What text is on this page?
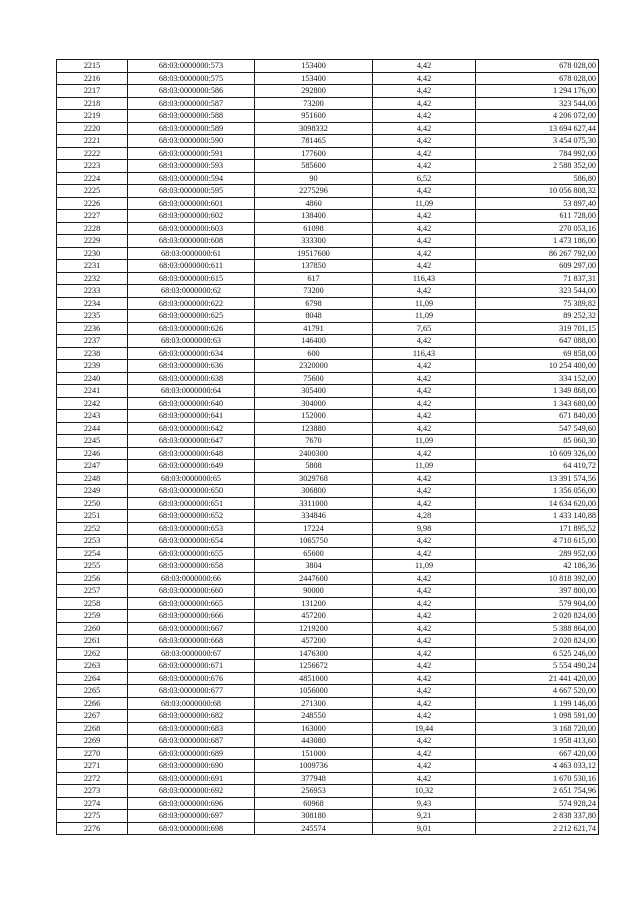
2215	68:03:0000000:573	153400	4,42	678 028,00
2216	68:03:0000000:575	153400	4,42	678 028,00
2217	68:03:0000000:586	292800	4,42	1 294 176,00
2218	68:03:0000000:587	73200	4,42	323 544,00
2219	68:03:0000000:588	951600	4,42	4 206 072,00
2220	68:03:0000000:589	3098332	4,42	13 694 627,44
2221	68:03:0000000:590	781465	4,42	3 454 075,30
2222	68:03:0000000:591	177600	4,42	784 992,00
2223	68:03:0000000:593	585600	4,42	2 588 352,00
2224	68:03:0000000:594	90	6,52	586,80
2225	68:03:0000000:595	2275296	4,42	10 056 808,32
2226	68:03:0000000:601	4860	11,09	53 897,40
2227	68:03:0000000:602	138400	4,42	611 728,00
2228	68:03:0000000:603	61098	4,42	270 053,16
2229	68:03:0000000:608	333300	4,42	1 473 186,00
2230	68:03:0000000:61	19517600	4,42	86 267 792,00
2231	68:03:0000000:611	137850	4,42	609 297,00
2232	68:03:0000000:615	617	116,43	71 837,31
2233	68:03:0000000:62	73200	4,42	323 544,00
2234	68:03:0000000:622	6798	11,09	75 389,82
2235	68:03:0000000:625	8048	11,09	89 252,32
2236	68:03:0000000:626	41791	7,65	319 701,15
2237	68:03:0000000:63	146400	4,42	647 088,00
2238	68:03:0000000:634	600	116,43	69 858,00
2239	68:03:0000000:636	2320000	4,42	10 254 400,00
2240	68:03:0000000:638	75600	4,42	334 152,00
2241	68:03:0000000:64	305400	4,42	1 349 868,00
2242	68:03:0000000:640	304000	4,42	1 343 680,00
2243	68:03:0000000:641	152000	4,42	671 840,00
2244	68:03:0000000:642	123880	4,42	547 549,60
2245	68:03:0000000:647	7670	11,09	85 060,30
2246	68:03:0000000:648	2400300	4,42	10 609 326,00
2247	68:03:0000000:649	5808	11,09	64 410,72
2248	68:03:0000000:65	3029768	4,42	13 391 574,56
2249	68:03:0000000:650	306800	4,42	1 356 056,00
2250	68:03:0000000:651	3311000	4,42	14 634 620,00
2251	68:03:0000000:652	334846	4,28	1 433 140,88
2252	68:03:0000000:653	17224	9,98	171 895,52
2253	68:03:0000000:654	1065750	4,42	4 710 615,00
2254	68:03:0000000:655	65600	4,42	289 952,00
2255	68:03:0000000:658	3804	11,09	42 186,36
2256	68:03:0000000:66	2447600	4,42	10 818 392,00
2257	68:03:0000000:660	90000	4,42	397 800,00
2258	68:03:0000000:665	131200	4,42	579 904,00
2259	68:03:0000000:666	457200	4,42	2 020 824,00
2260	68:03:0000000:667	1219200	4,42	5 388 864,00
2261	68:03:0000000:668	457200	4,42	2 020 824,00
2262	68:03:0000000:67	1476300	4,42	6 525 246,00
2263	68:03:0000000:671	1256672	4,42	5 554 490,24
2264	68:03:0000000:676	4851000	4,42	21 441 420,00
2265	68:03:0000000:677	1056000	4,42	4 667 520,00
2266	68:03:0000000:68	271300	4,42	1 199 146,00
2267	68:03:0000000:682	248550	4,42	1 098 591,00
2268	68:03:0000000:683	163000	19,44	3 168 720,00
2269	68:03:0000000:687	443080	4,42	1 958 413,60
2270	68:03:0000000:689	151000	4,42	667 420,00
2271	68:03:0000000:690	1009736	4,42	4 463 033,12
2272	68:03:0000000:691	377948	4,42	1 670 530,16
2273	68:03:0000000:692	256953	10,32	2 651 754,96
2274	68:03:0000000:696	60968	9,43	574 928,24
2275	68:03:0000000:697	308180	9,21	2 838 337,80
2276	68:03:0000000:698	245574	9,01	2 212 621,74
